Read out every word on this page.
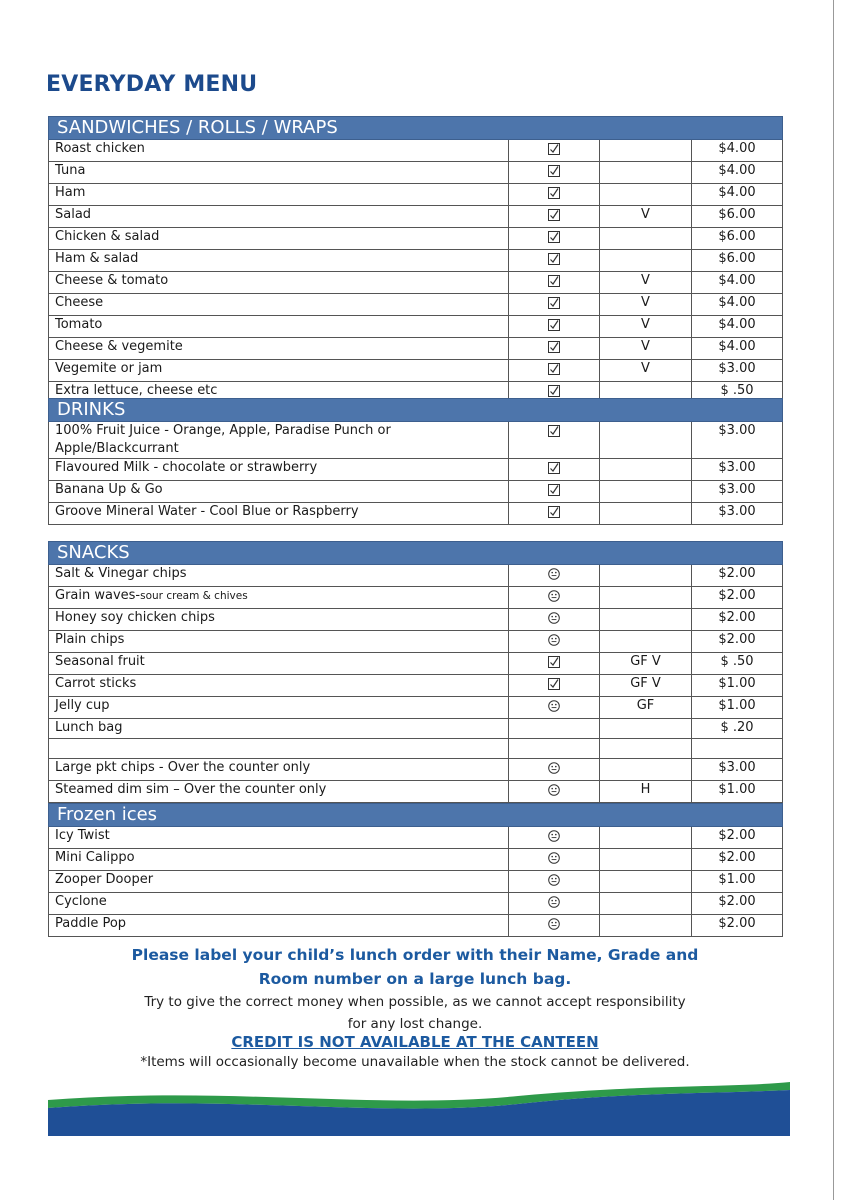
EVERYDAY MENU
SANDWICHES / ROLLS / WRAPS			
Roast chicken			$4.00
Tuna			$4.00
Ham			$4.00
Salad		V	$6.00
Chicken & salad			$6.00
Ham & salad			$6.00
Cheese & tomato		V	$4.00
Cheese		V	$4.00
Tomato		V	$4.00
Cheese & vegemite		V	$4.00
Vegemite or jam		V	$3.00
Extra lettuce, cheese etc			$ .50
DRINKS			
100% Fruit Juice - Orange, Apple, Paradise Punch or
Apple/Blackcurrant			$3.00
Flavoured Milk - chocolate or strawberry			$3.00
Banana Up & Go			$3.00
Groove Mineral Water - Cool Blue or Raspberry			$3.00
SNACKS			
Salt & Vinegar chips			$2.00
Grain waves-sour cream & chives			$2.00
Honey soy chicken chips			$2.00
Plain chips			$2.00
Seasonal fruit		GF V	$ .50
Carrot sticks		GF V	$1.00
Jelly cup		GF	$1.00
Lunch bag			$ .20

Large pkt chips - Over the counter only			$3.00
Steamed dim sim – Over the counter only		H	$1.00
Frozen ices			
Icy Twist			$2.00
Mini Calippo			$2.00
Zooper Dooper			$1.00
Cyclone			$2.00
Paddle Pop			$2.00
Please label your child’s lunch order with their Name, Grade and
Room number on a large lunch bag.
Try to give the correct money when possible, as we cannot accept responsibility
for any lost change.
CREDIT IS NOT AVAILABLE AT THE CANTEEN
*Items will occasionally become unavailable when the stock cannot be delivered.
